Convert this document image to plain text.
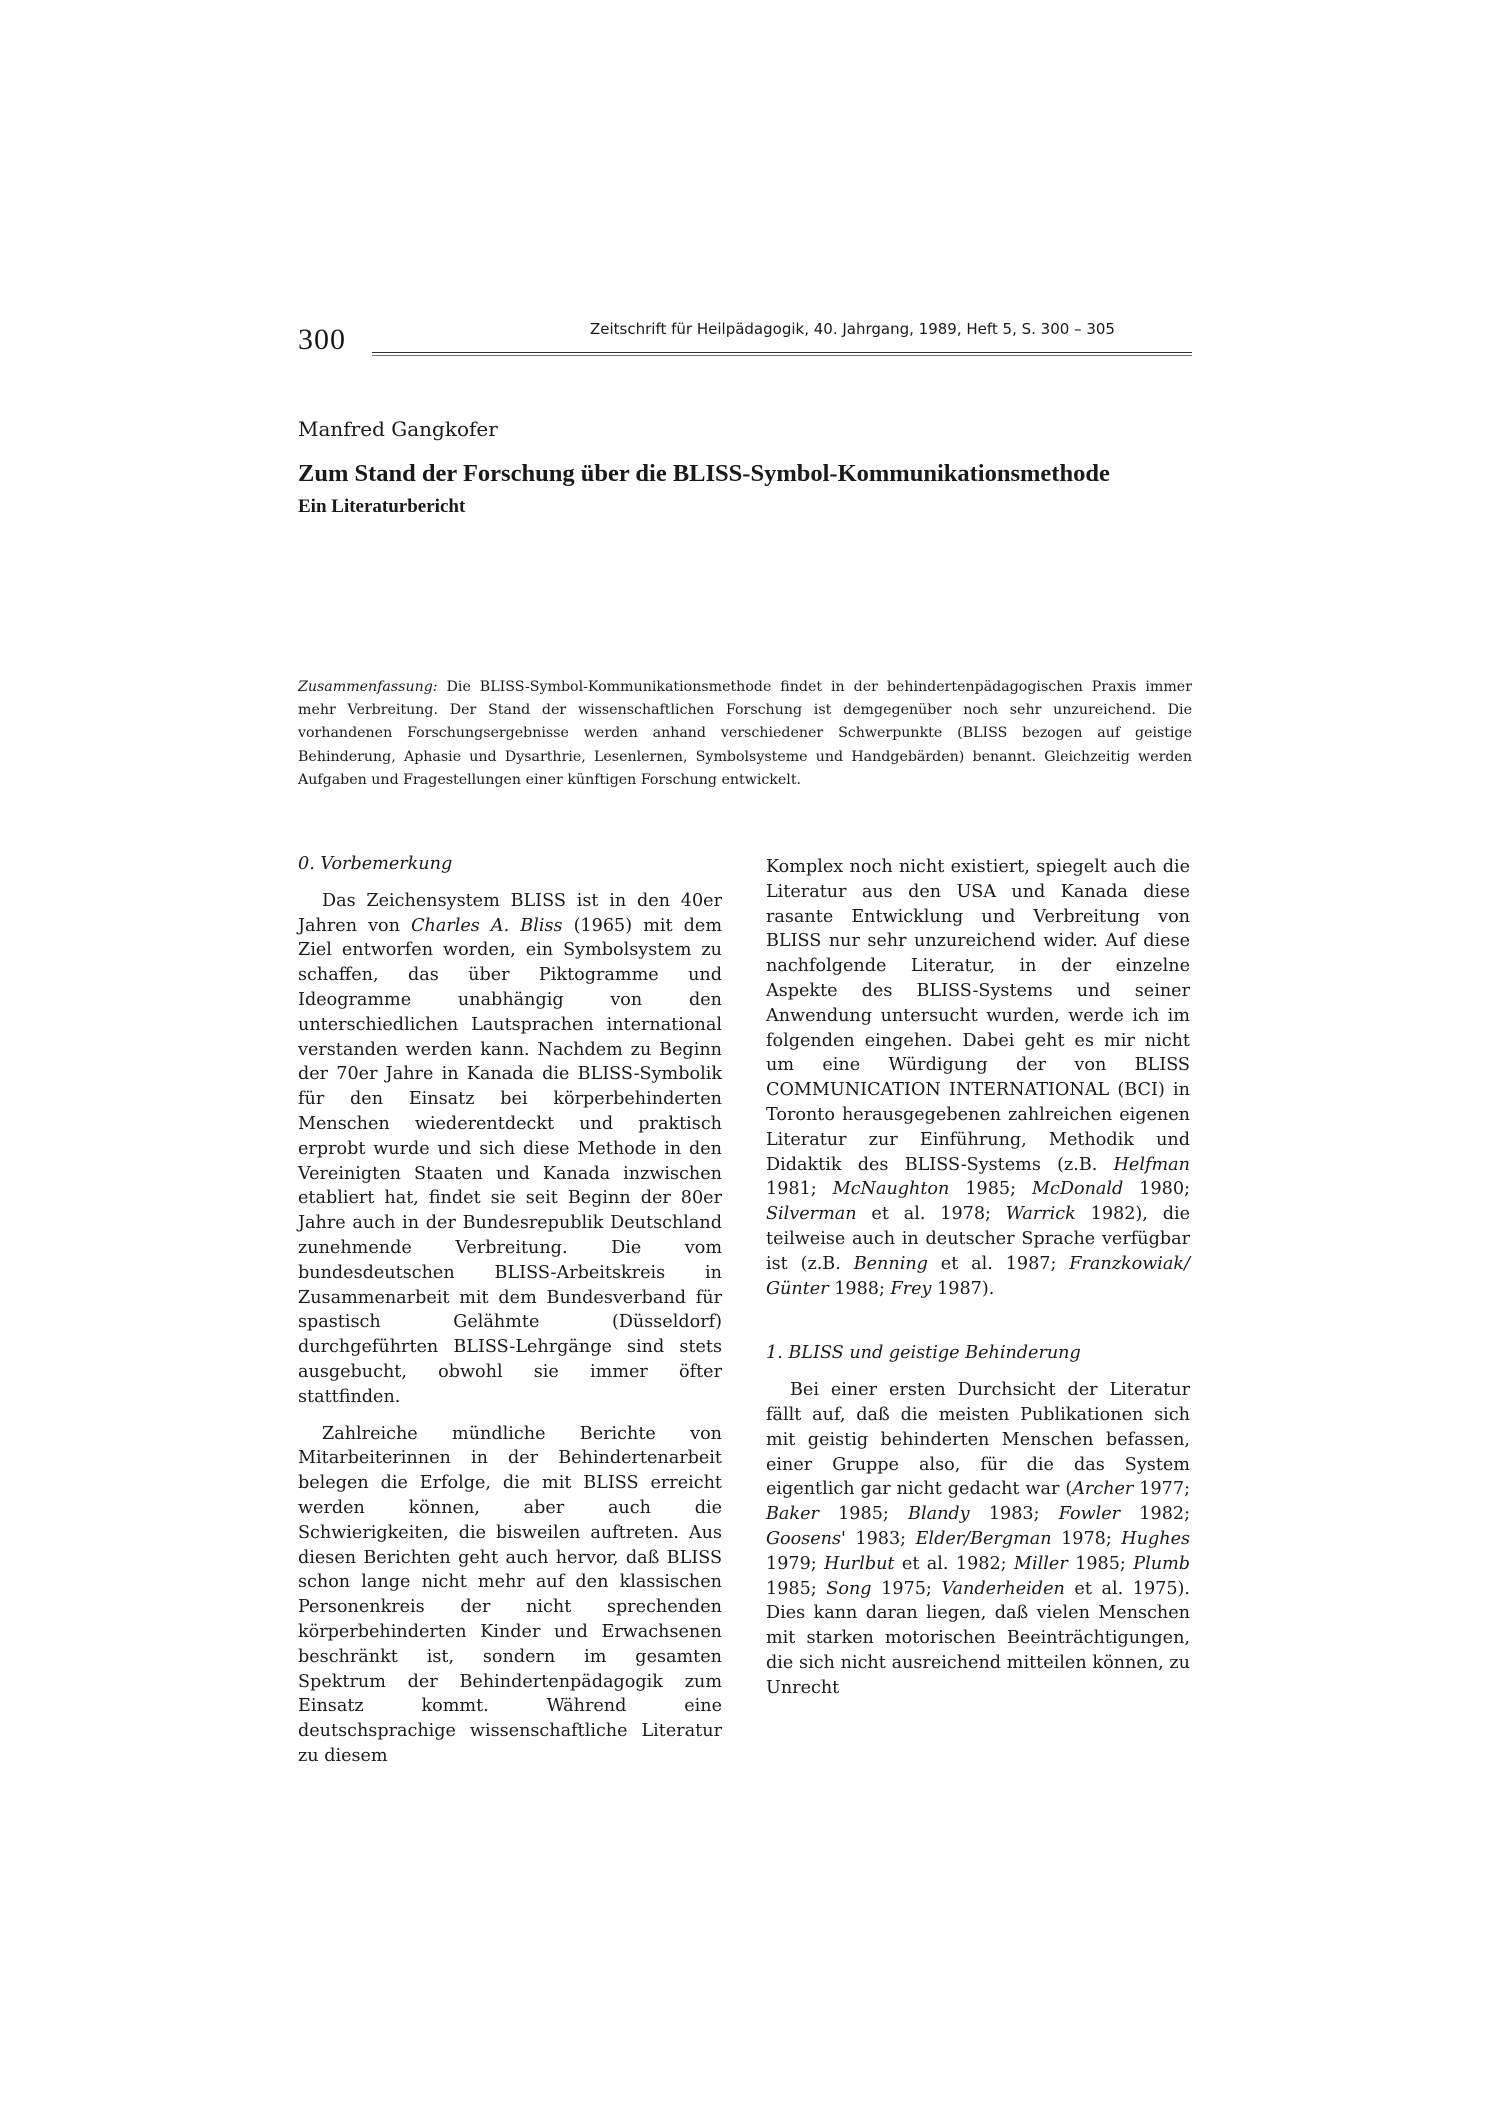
300	Zeitschrift für Heilpädagogik, 40. Jahrgang, 1989, Heft 5, S. 300 – 305
Manfred Gangkofer
Zum Stand der Forschung über die BLISS-Symbol-Kommunikationsmethode
Ein Literaturbericht
Zusammenfassung: Die BLISS-Symbol-Kommunikationsmethode findet in der behindertenpädagogischen Praxis immer mehr Verbreitung. Der Stand der wissenschaftlichen Forschung ist demgegenüber noch sehr unzureichend. Die vorhandenen Forschungsergebnisse werden anhand verschiedener Schwerpunkte (BLISS bezogen auf geistige Behinderung, Aphasie und Dysarthrie, Lesenlernen, Symbolsysteme und Handgebärden) benannt. Gleichzeitig werden Aufgaben und Fragestellungen einer künftigen Forschung entwickelt.
0. Vorbemerkung

Das Zeichensystem BLISS ist in den 40er Jahren von Charles A. Bliss (1965) mit dem Ziel entworfen worden, ein Symbolsystem zu schaffen, das über Piktogramme und Ideogramme unabhängig von den unterschiedlichen Lautsprachen international verstanden werden kann. Nachdem zu Beginn der 70er Jahre in Kanada die BLISS-Symbolik für den Einsatz bei körperbehinderten Menschen wiederentdeckt und praktisch erprobt wurde und sich diese Methode in den Vereinigten Staaten und Kanada inzwischen etabliert hat, findet sie seit Beginn der 80er Jahre auch in der Bundesrepublik Deutschland zunehmende Verbreitung. Die vom bundesdeutschen BLISS-Arbeitskreis in Zusammenarbeit mit dem Bundesverband für spastisch Gelähmte (Düsseldorf) durchgeführten BLISS-Lehrgänge sind stets ausgebucht, obwohl sie immer öfter stattfinden.

Zahlreiche mündliche Berichte von Mitarbeiterinnen in der Behindertenarbeit belegen die Erfolge, die mit BLISS erreicht werden können, aber auch die Schwierigkeiten, die bisweilen auftreten. Aus diesen Berichten geht auch hervor, daß BLISS schon lange nicht mehr auf den klassischen Personenkreis der nicht sprechenden körperbehinderten Kinder und Erwachsenen beschränkt ist, sondern im gesamten Spektrum der Behindertenpädagogik zum Einsatz kommt. Während eine deutschsprachige wissenschaftliche Literatur zu diesem

Komplex noch nicht existiert, spiegelt auch die Literatur aus den USA und Kanada diese rasante Entwicklung und Verbreitung von BLISS nur sehr unzureichend wider. Auf diese nachfolgende Literatur, in der einzelne Aspekte des BLISS-Systems und seiner Anwendung untersucht wurden, werde ich im folgenden eingehen. Dabei geht es mir nicht um eine Würdigung der von BLISS COMMUNICATION INTERNATIONAL (BCI) in Toronto herausgegebenen zahlreichen eigenen Literatur zur Einführung, Methodik und Didaktik des BLISS-Systems (z.B. Helfman 1981; McNaughton 1985; McDonald 1980; Silverman et al. 1978; Warrick 1982), die teilweise auch in deutscher Sprache verfügbar ist (z.B. Benning et al. 1987; Franzkowiak/ Günter 1988; Frey 1987).

1. BLISS und geistige Behinderung

Bei einer ersten Durchsicht der Literatur fällt auf, daß die meisten Publikationen sich mit geistig behinderten Menschen befassen, einer Gruppe also, für die das System eigentlich gar nicht gedacht war (Archer 1977; Baker 1985; Blandy 1983; Fowler 1982; Goosens' 1983; Elder/Bergman 1978; Hughes 1979; Hurlbut et al. 1982; Miller 1985; Plumb 1985; Song 1975; Vanderheiden et al. 1975). Dies kann daran liegen, daß vielen Menschen mit starken motorischen Beeinträchtigungen, die sich nicht ausreichend mitteilen können, zu Unrecht
